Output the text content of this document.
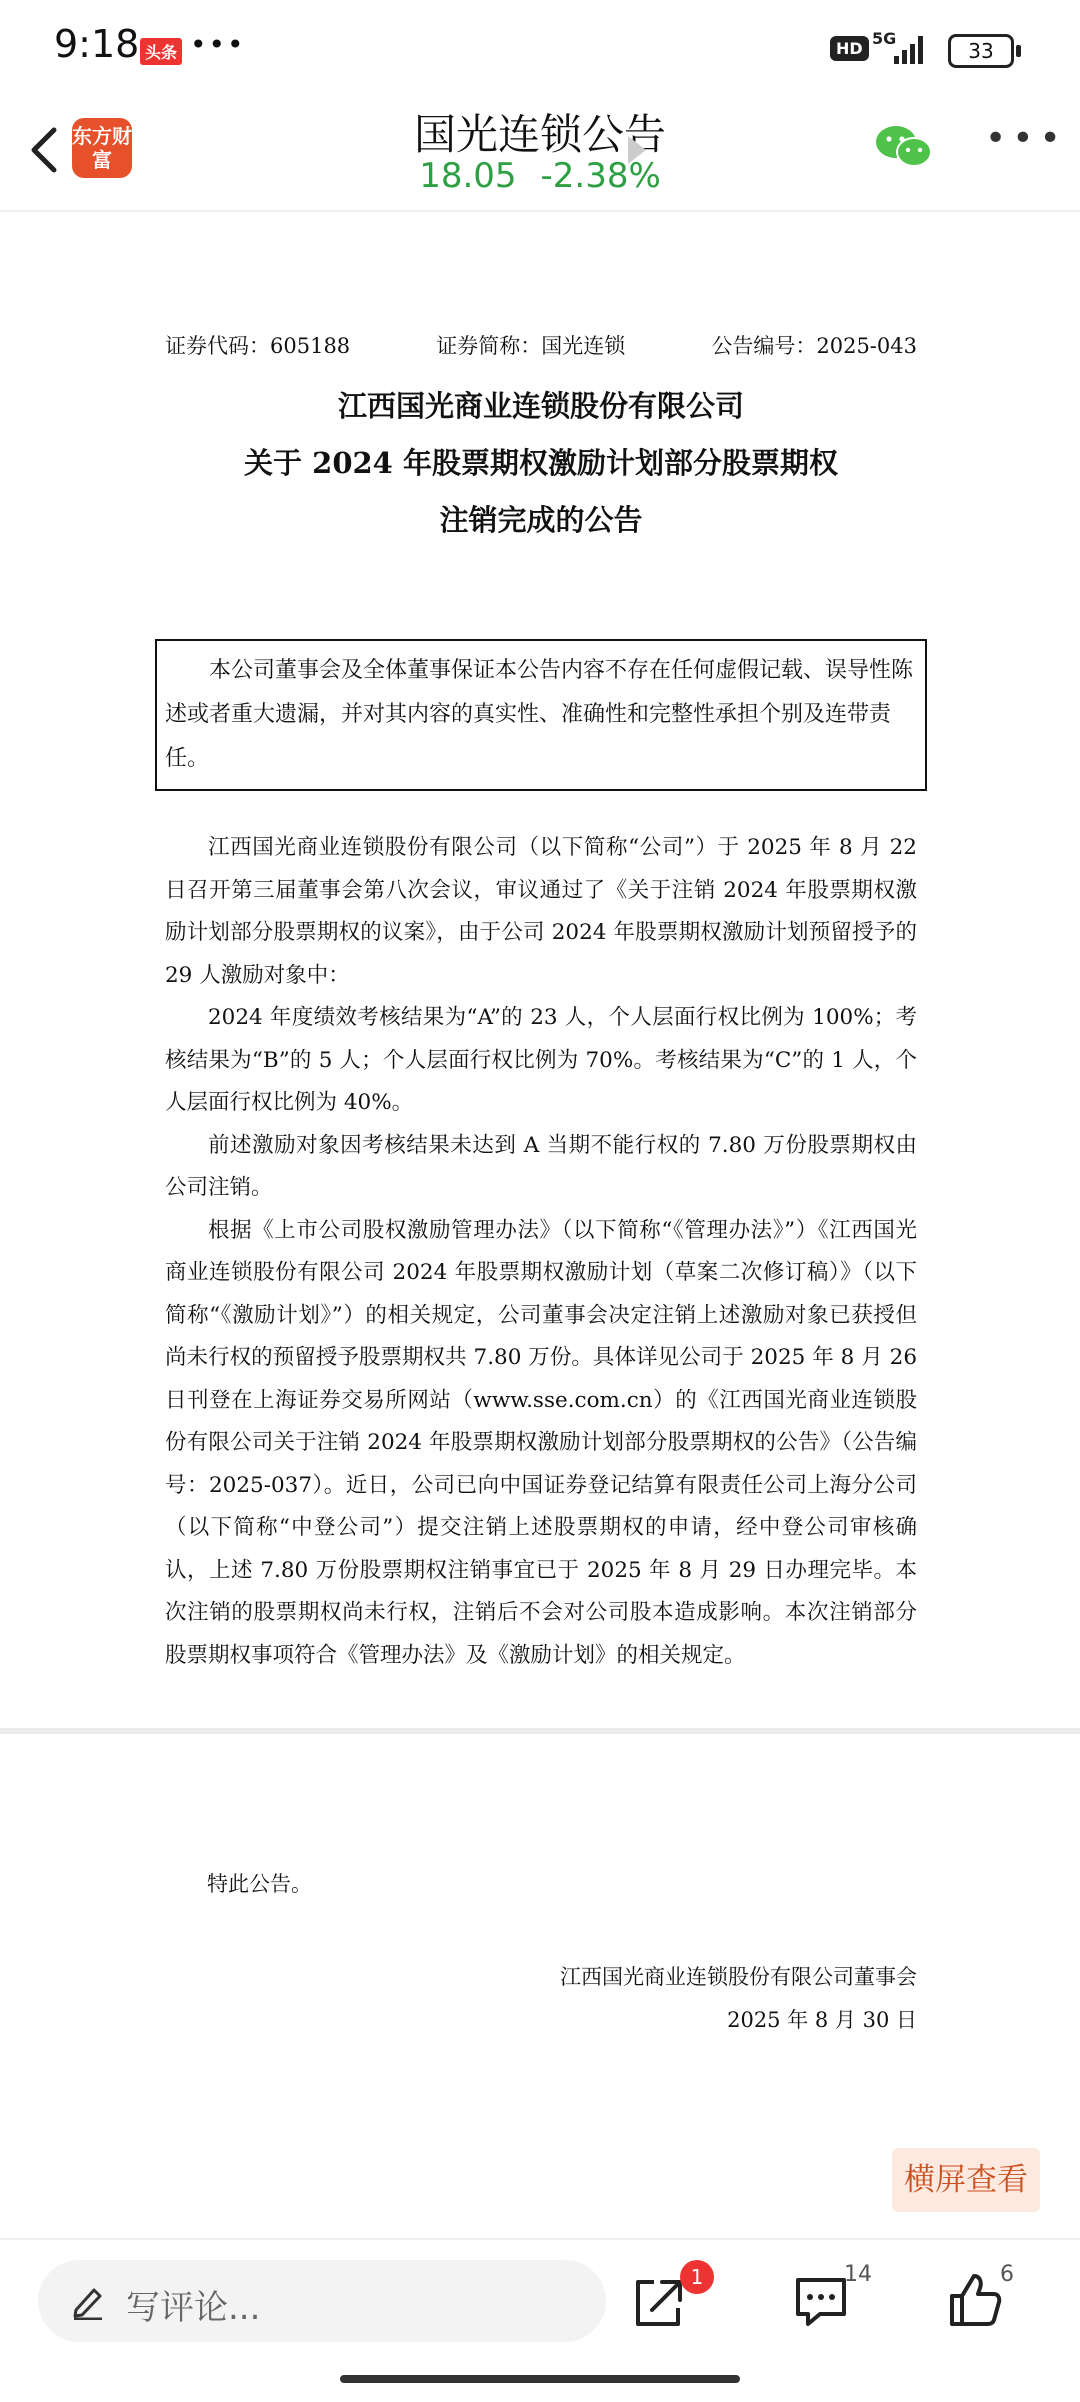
9:18 头条 •••	HD
5G
33
东方财富
国光连锁公告
18.05 -2.38%
•••
证券代码：605188	证券简称：国光连锁	公告编号：2025-043
江西国光商业连锁股份有限公司
关于 2024 年股票期权激励计划部分股票期权
注销完成的公告
本公司董事会及全体董事保证本公告内容不存在任何虚假记载、误导性陈述或者重大遗漏，并对其内容的真实性、准确性和完整性承担个别及连带责任。

江西国光商业连锁股份有限公司（以下简称“公司”）于 2025 年 8 月 22 日召开第三届董事会第八次会议，审议通过了《关于注销 2024 年股票期权激励计划部分股票期权的议案》，由于公司 2024 年股票期权激励计划预留授予的 29 人激励对象中：

2024 年度绩效考核结果为“A”的 23 人，个人层面行权比例为 100%；考核结果为“B”的 5 人；个人层面行权比例为 70%。考核结果为“C”的 1 人，个人层面行权比例为 40%。

前述激励对象因考核结果未达到 A 当期不能行权的 7.80 万份股票期权由公司注销。

根据《上市公司股权激励管理办法》（以下简称“《管理办法》”）《江西国光商业连锁股份有限公司 2024 年股票期权激励计划（草案二次修订稿）》（以下简称“《激励计划》”）的相关规定，公司董事会决定注销上述激励对象已获授但尚未行权的预留授予股票期权共 7.80 万份。具体详见公司于 2025 年 8 月 26 日刊登在上海证券交易所网站（www.sse.com.cn）的《江西国光商业连锁股份有限公司关于注销 2024 年股票期权激励计划部分股票期权的公告》（公告编号：2025-037）。近日，公司已向中国证券登记结算有限责任公司上海分公司（以下简称“中登公司”）提交注销上述股票期权的申请，经中登公司审核确认，上述 7.80 万份股票期权注销事宜已于 2025 年 8 月 29 日办理完毕。本次注销的股票期权尚未行权，注销后不会对公司股本造成影响。本次注销部分股票期权事项符合《管理办法》及《激励计划》的相关规定。

特此公告。
江西国光商业连锁股份有限公司董事会
2025 年 8 月 30 日
横屏查看
写评论...
1	14	6
